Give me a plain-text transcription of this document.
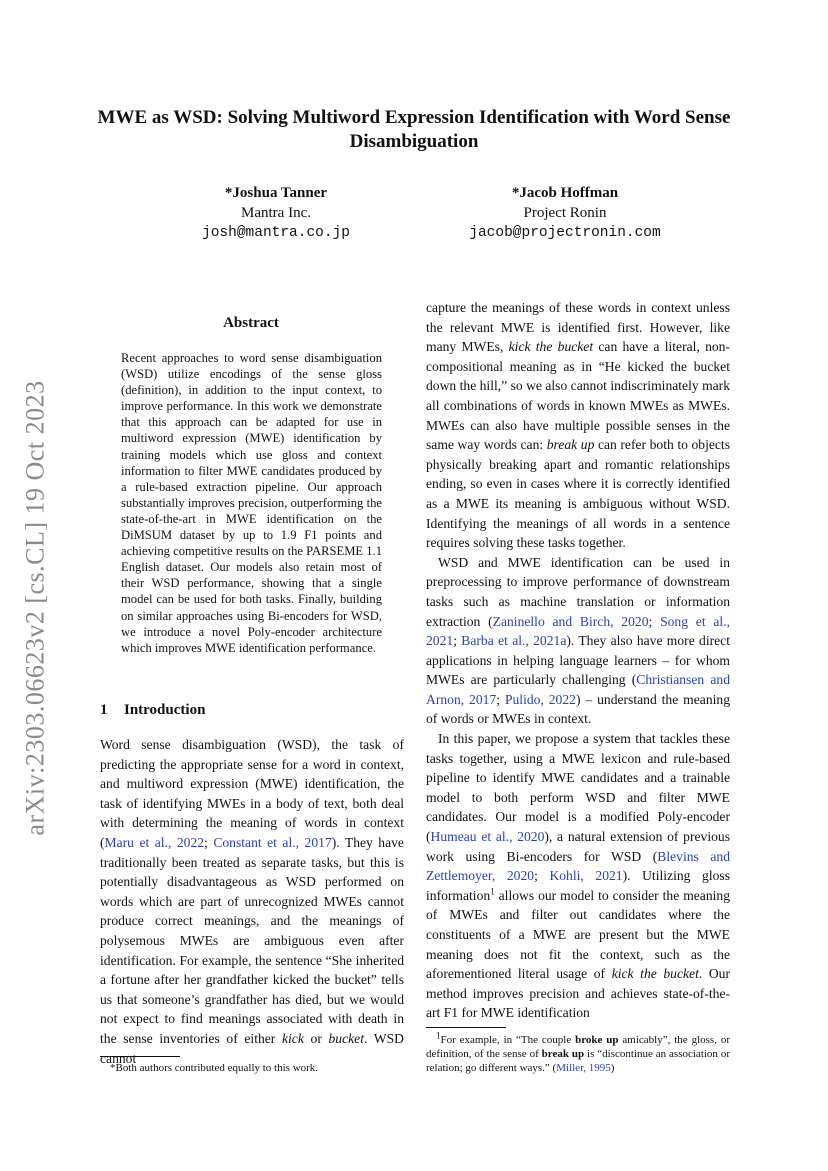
arXiv:2303.06623v2 [cs.CL] 19 Oct 2023
MWE as WSD: Solving Multiword Expression Identification with Word Sense Disambiguation
*Joshua Tanner
Mantra Inc.
josh@mantra.co.jp
*Jacob Hoffman
Project Ronin
jacob@projectronin.com
Abstract
Recent approaches to word sense disambiguation (WSD) utilize encodings of the sense gloss (definition), in addition to the input context, to improve performance. In this work we demonstrate that this approach can be adapted for use in multiword expression (MWE) identification by training models which use gloss and context information to filter MWE candidates produced by a rule-based extraction pipeline. Our approach substantially improves precision, outperforming the state-of-the-art in MWE identification on the DiMSUM dataset by up to 1.9 F1 points and achieving competitive results on the PARSEME 1.1 English dataset. Our models also retain most of their WSD performance, showing that a single model can be used for both tasks. Finally, building on similar approaches using Bi-encoders for WSD, we introduce a novel Poly-encoder architecture which improves MWE identification performance.
1 Introduction
Word sense disambiguation (WSD), the task of predicting the appropriate sense for a word in context, and multiword expression (MWE) identification, the task of identifying MWEs in a body of text, both deal with determining the meaning of words in context (Maru et al., 2022; Constant et al., 2017). They have traditionally been treated as separate tasks, but this is potentially disadvantageous as WSD performed on words which are part of unrecognized MWEs cannot produce correct meanings, and the meanings of polysemous MWEs are ambiguous even after identification. For example, the sentence “She inherited a fortune after her grandfather kicked the bucket” tells us that someone’s grandfather has died, but we would not expect to find meanings associated with death in the sense inventories of either kick or bucket. WSD cannot
*Both authors contributed equally to this work.

capture the meanings of these words in context unless the relevant MWE is identified first. However, like many MWEs, kick the bucket can have a literal, non-compositional meaning as in “He kicked the bucket down the hill,” so we also cannot indiscriminately mark all combinations of words in known MWEs as MWEs. MWEs can also have multiple possible senses in the same way words can: break up can refer both to objects physically breaking apart and romantic relationships ending, so even in cases where it is correctly identified as a MWE its meaning is ambiguous without WSD. Identifying the meanings of all words in a sentence requires solving these tasks together.

WSD and MWE identification can be used in preprocessing to improve performance of downstream tasks such as machine translation or information extraction (Zaninello and Birch, 2020; Song et al., 2021; Barba et al., 2021a). They also have more direct applications in helping language learners – for whom MWEs are particularly challenging (Christiansen and Arnon, 2017; Pulido, 2022) – understand the meaning of words or MWEs in context.

In this paper, we propose a system that tackles these tasks together, using a MWE lexicon and rule-based pipeline to identify MWE candidates and a trainable model to both perform WSD and filter MWE candidates. Our model is a modified Poly-encoder (Humeau et al., 2020), a natural extension of previous work using Bi-encoders for WSD (Blevins and Zettlemoyer, 2020; Kohli, 2021). Utilizing gloss information$^1$ allows our model to consider the meaning of MWEs and filter out candidates where the constituents of a MWE are present but the MWE meaning does not fit the context, such as the aforementioned literal usage of kick the bucket. Our method improves precision and achieves state-of-the-art F1 for MWE identification

$^1$For example, in “The couple broke up amicably”, the gloss, or definition, of the sense of break up is “discontinue an association or relation; go different ways.” (Miller, 1995)
